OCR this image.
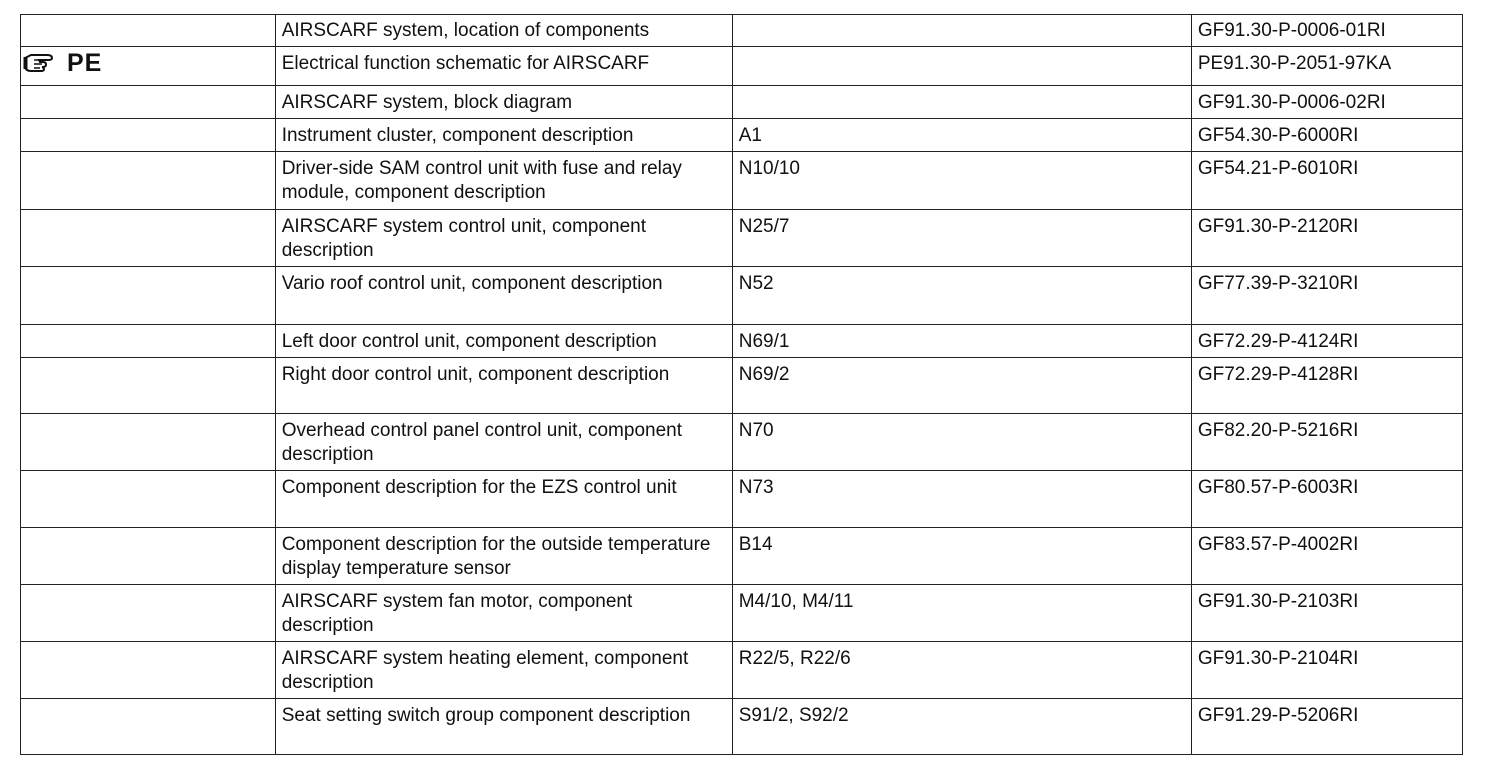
	AIRSCARF system, location of components		GF91.30-P-0006-01RI

PE	Electrical function schematic for AIRSCARF		PE91.30-P-2051-97KA
	AIRSCARF system, block diagram		GF91.30-P-0006-02RI
	Instrument cluster, component description	A1	GF54.30-P-6000RI
	Driver-side SAM control unit with fuse and relay module, component description	N10/10	GF54.21-P-6010RI
	AIRSCARF system control unit, component description	N25/7	GF91.30-P-2120RI
	Vario roof control unit, component description	N52	GF77.39-P-3210RI
	Left door control unit, component description	N69/1	GF72.29-P-4124RI
	Right door control unit, component description	N69/2	GF72.29-P-4128RI
	Overhead control panel control unit, component description	N70	GF82.20-P-5216RI
	Component description for the EZS control unit	N73	GF80.57-P-6003RI
	Component description for the outside temperature display temperature sensor	B14	GF83.57-P-4002RI
	AIRSCARF system fan motor, component description	M4/10, M4/11	GF91.30-P-2103RI
	AIRSCARF system heating element, component description	R22/5, R22/6	GF91.30-P-2104RI
	Seat setting switch group component description	S91/2, S92/2	GF91.29-P-5206RI
